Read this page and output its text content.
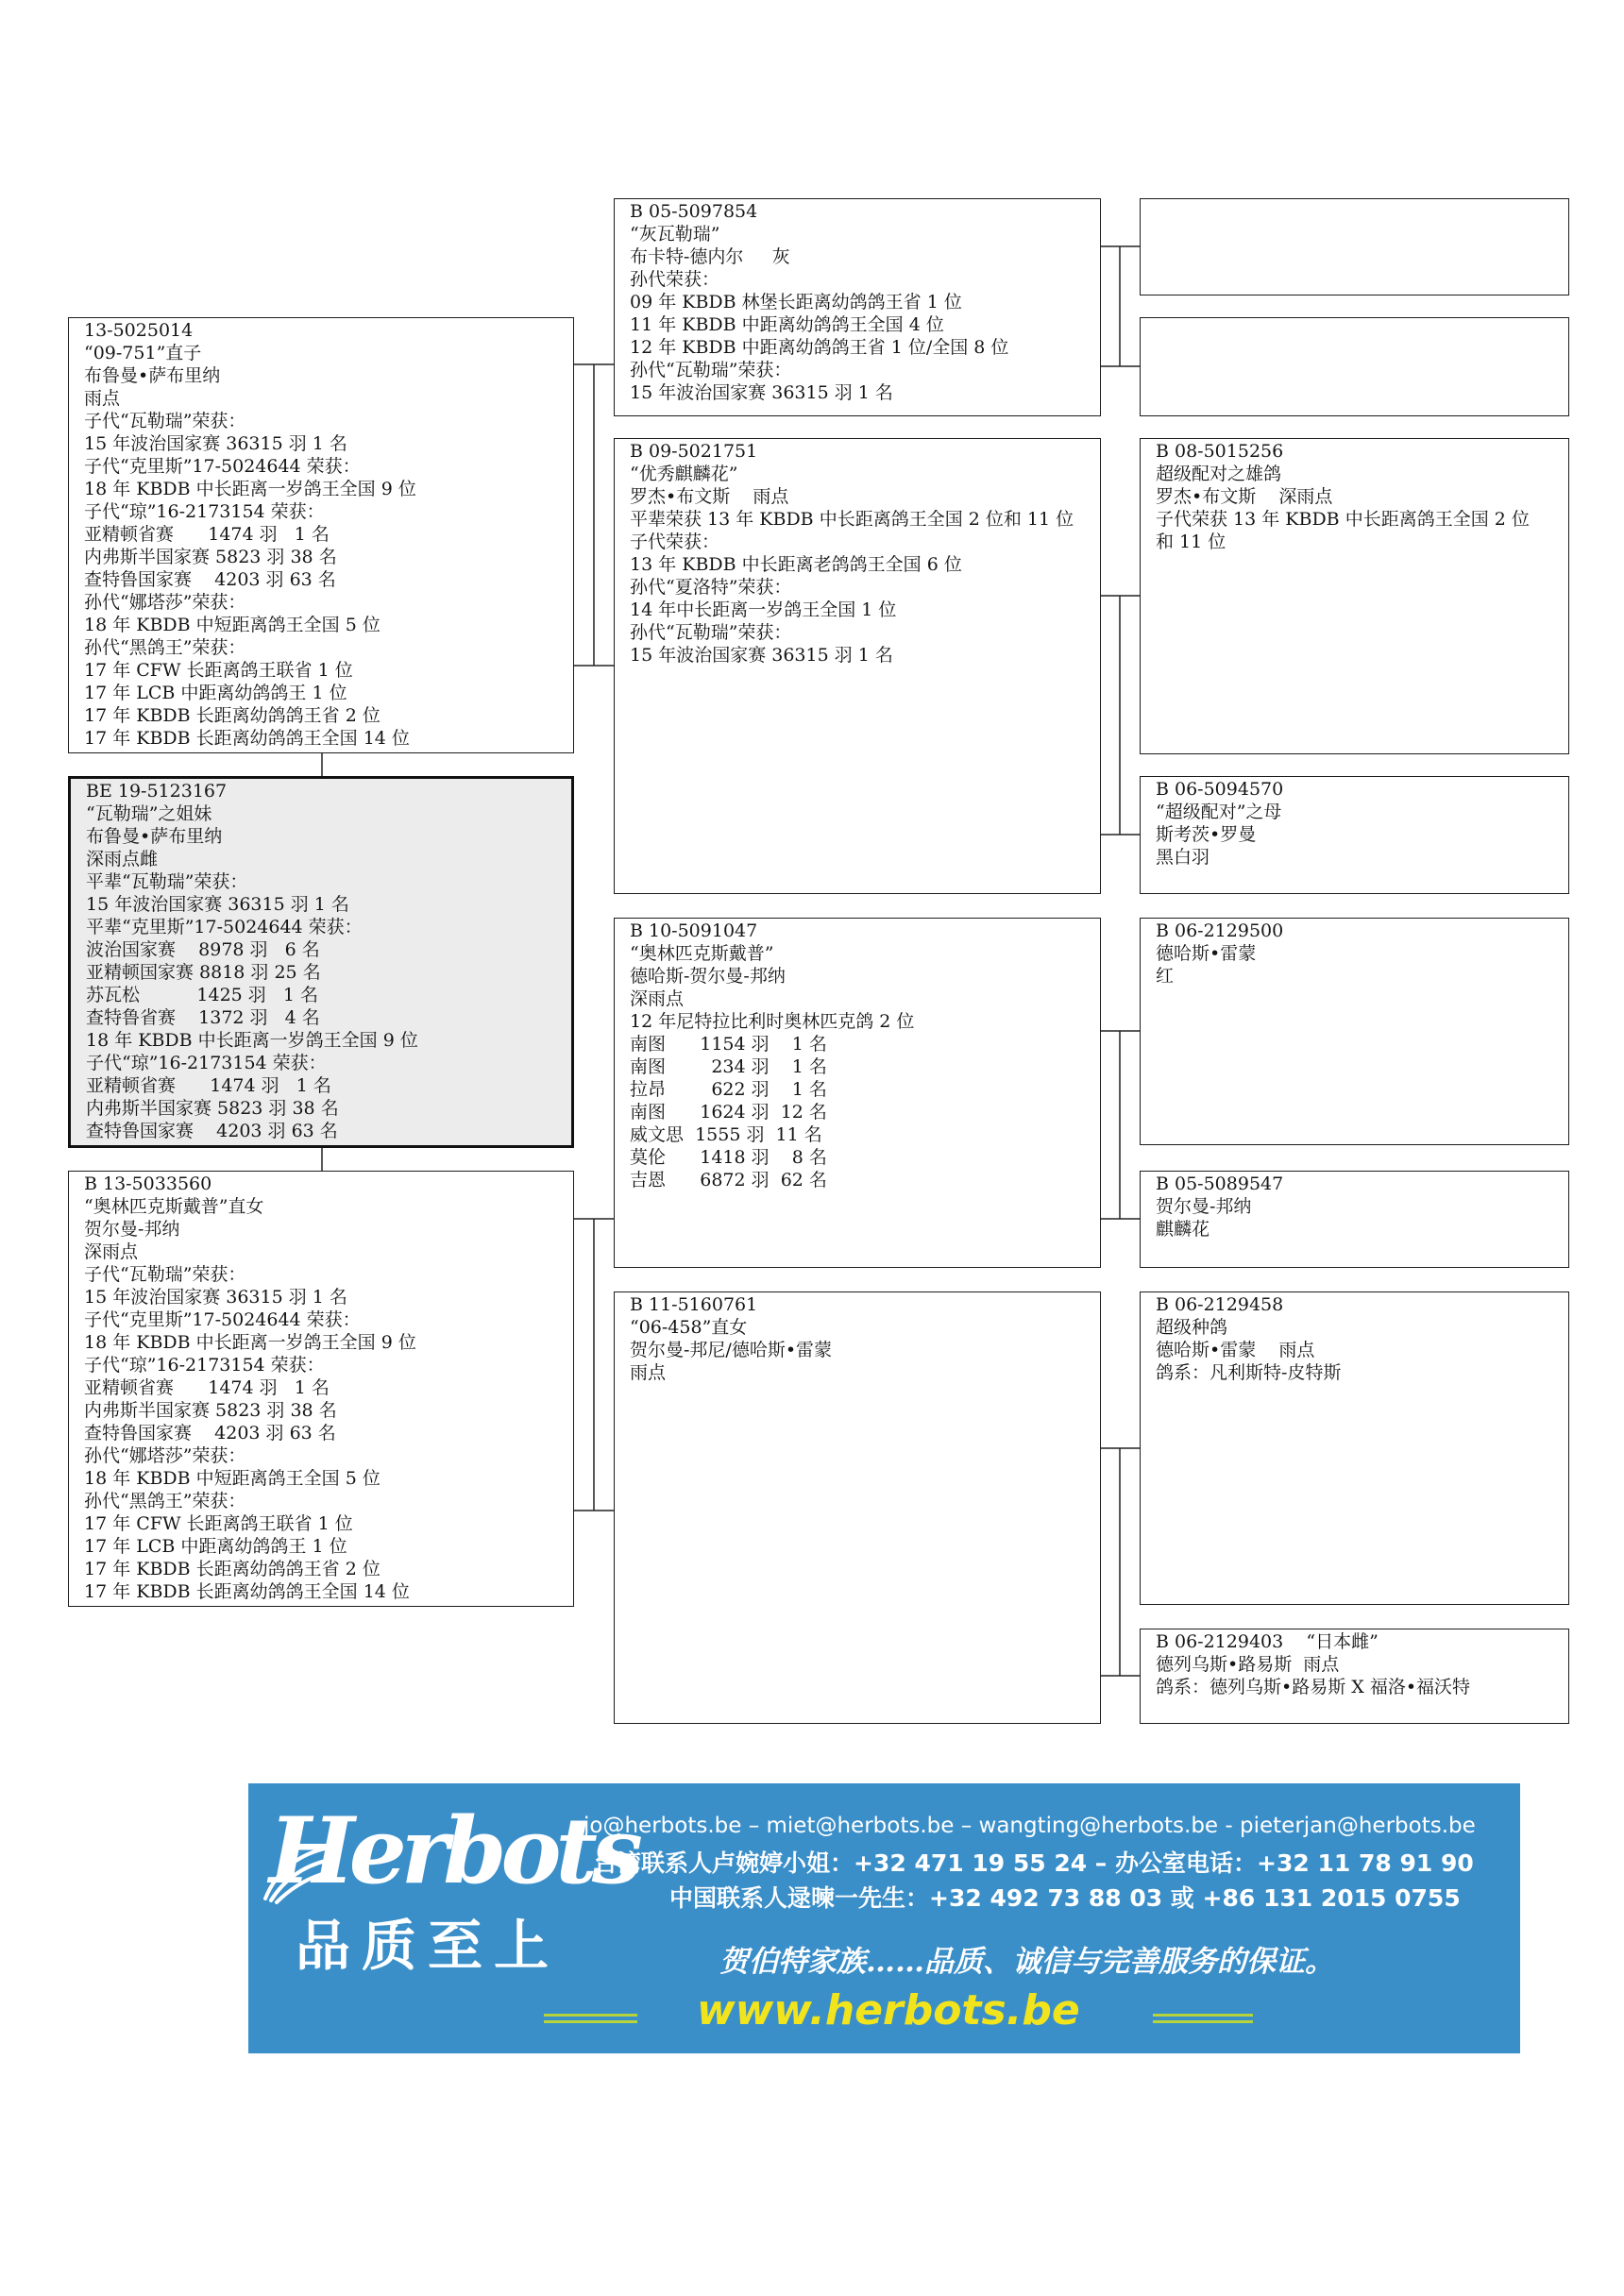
13-5025014
“09-751”直子
布鲁曼•萨布里纳
雨点
子代“瓦勒瑞”荣获：
15 年波治国家赛 36315 羽 1 名
子代“克里斯”17-5024644 荣获：
18 年 KBDB 中长距离一岁鸽王全国 9 位
子代“琼”16-2173154 荣获：
亚精顿省赛      1474 羽   1 名
内弗斯半国家赛 5823 羽 38 名
查特鲁国家赛    4203 羽 63 名
孙代“娜塔莎”荣获：
18 年 KBDB 中短距离鸽王全国 5 位
孙代“黑鸽王”荣获：
17 年 CFW 长距离鸽王联省 1 位
17 年 LCB 中距离幼鸽鸽王 1 位
17 年 KBDB 长距离幼鸽鸽王省 2 位
17 年 KBDB 长距离幼鸽鸽王全国 14 位
BE 19-5123167
“瓦勒瑞”之姐妹
布鲁曼•萨布里纳
深雨点雌
平辈“瓦勒瑞”荣获：
15 年波治国家赛 36315 羽 1 名
平辈“克里斯”17-5024644 荣获：
波治国家赛    8978 羽   6 名
亚精顿国家赛 8818 羽 25 名
苏瓦松          1425 羽   1 名
查特鲁省赛    1372 羽   4 名
18 年 KBDB 中长距离一岁鸽王全国 9 位
子代“琼”16-2173154 荣获：
亚精顿省赛      1474 羽   1 名
内弗斯半国家赛 5823 羽 38 名
查特鲁国家赛    4203 羽 63 名
B 13-5033560
“奥林匹克斯戴普”直女
贺尔曼-邦纳
深雨点
子代“瓦勒瑞”荣获：
15 年波治国家赛 36315 羽 1 名
子代“克里斯”17-5024644 荣获：
18 年 KBDB 中长距离一岁鸽王全国 9 位
子代“琼”16-2173154 荣获：
亚精顿省赛      1474 羽   1 名
内弗斯半国家赛 5823 羽 38 名
查特鲁国家赛    4203 羽 63 名
孙代“娜塔莎”荣获：
18 年 KBDB 中短距离鸽王全国 5 位
孙代“黑鸽王”荣获：
17 年 CFW 长距离鸽王联省 1 位
17 年 LCB 中距离幼鸽鸽王 1 位
17 年 KBDB 长距离幼鸽鸽王省 2 位
17 年 KBDB 长距离幼鸽鸽王全国 14 位
B 05-5097854
“灰瓦勒瑞”
布卡特-德内尔     灰
孙代荣获：
09 年 KBDB 林堡长距离幼鸽鸽王省 1 位
11 年 KBDB 中距离幼鸽鸽王全国 4 位
12 年 KBDB 中距离幼鸽鸽王省 1 位/全国 8 位
孙代“瓦勒瑞”荣获：
15 年波治国家赛 36315 羽 1 名
B 09-5021751
“优秀麒麟花”
罗杰•布文斯    雨点
平辈荣获 13 年 KBDB 中长距离鸽王全国 2 位和 11 位
子代荣获：
13 年 KBDB 中长距离老鸽鸽王全国 6 位
孙代“夏洛特”荣获：
14 年中长距离一岁鸽王全国 1 位
孙代“瓦勒瑞”荣获：
15 年波治国家赛 36315 羽 1 名
B 10-5091047
“奥林匹克斯戴普”
德哈斯-贺尔曼-邦纳
深雨点
12 年尼特拉比利时奥林匹克鸽 2 位
南图      1154 羽    1 名
南图        234 羽    1 名
拉昂        622 羽    1 名
南图      1624 羽  12 名
威文思  1555 羽  11 名
莫伦      1418 羽    8 名
吉恩      6872 羽  62 名
B 11-5160761
“06-458”直女
贺尔曼-邦尼/德哈斯•雷蒙
雨点
B 08-5015256
超级配对之雄鸽
罗杰•布文斯    深雨点
子代荣获 13 年 KBDB 中长距离鸽王全国 2 位
和 11 位
B 06-5094570
“超级配对”之母
斯考茨•罗曼
黑白羽
B 06-2129500
德哈斯•雷蒙
红
B 05-5089547
贺尔曼-邦纳
麒麟花
B 06-2129458
超级种鸽
德哈斯•雷蒙    雨点
鸽系：凡利斯特-皮特斯
B 06-2129403    “日本雌”
德列乌斯•路易斯  雨点
鸽系：德列乌斯•路易斯 X 福洛•福沃特
Herbots
品质至上
jo@herbots.be – miet@herbots.be – wangting@herbots.be - pieterjan@herbots.be
台湾联系人卢婉婷小姐：+32 471 19 55 24 – 办公室电话：+32 11 78 91 90
中国联系人逯暕一先生：+32 492 73 88 03 或 +86 131 2015 0755
贺伯特家族……品质、诚信与完善服务的保证。
www.herbots.be
